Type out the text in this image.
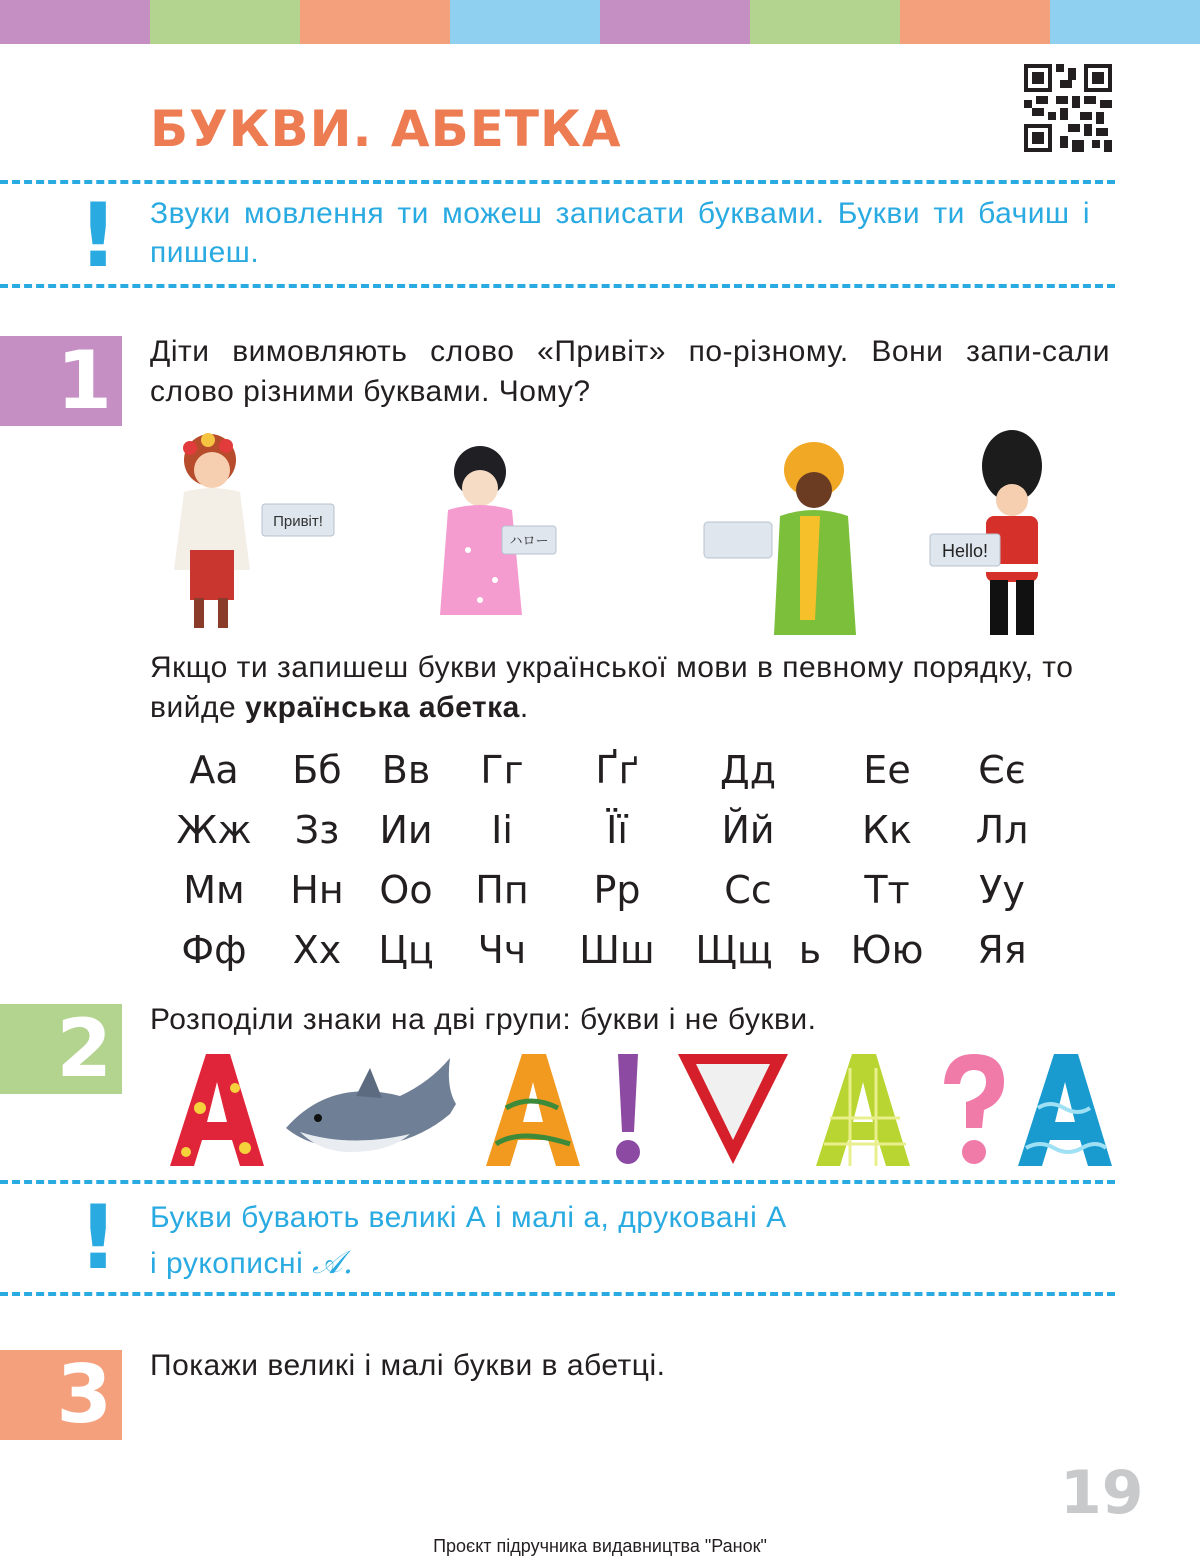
БУКВИ. АБЕТКА
! Звуки мовлення ти можеш записати буквами. Букви ти бачиш і пишеш.

1	Діти вимовляють слово «Привіт» по-різному. Вони запи-сали слово різними буквами. Чому?

Привіт!
ハロー	Hello!

Якщо ти запишеш букви української мови в певному порядку, то вийде українська абетка.

Аа Бб Вв Гг Ґґ Дд Ее Єє
Жж Зз Ии Іі Її Йй Кк Лл
Мм Нн Оо Пп Рр Сс Тт Уу
Фф Хх Цц Чч Шш Щщ ь Юю Яя
2	Розподіли знаки на дві групи: букви і не букви.

! Букви бувають великі А і малі а, друковані А
і рукописні 𝒜.

3	Покажи великі і малі букви в абетці.

19
Проєкт підручника видавництва "Ранок"
